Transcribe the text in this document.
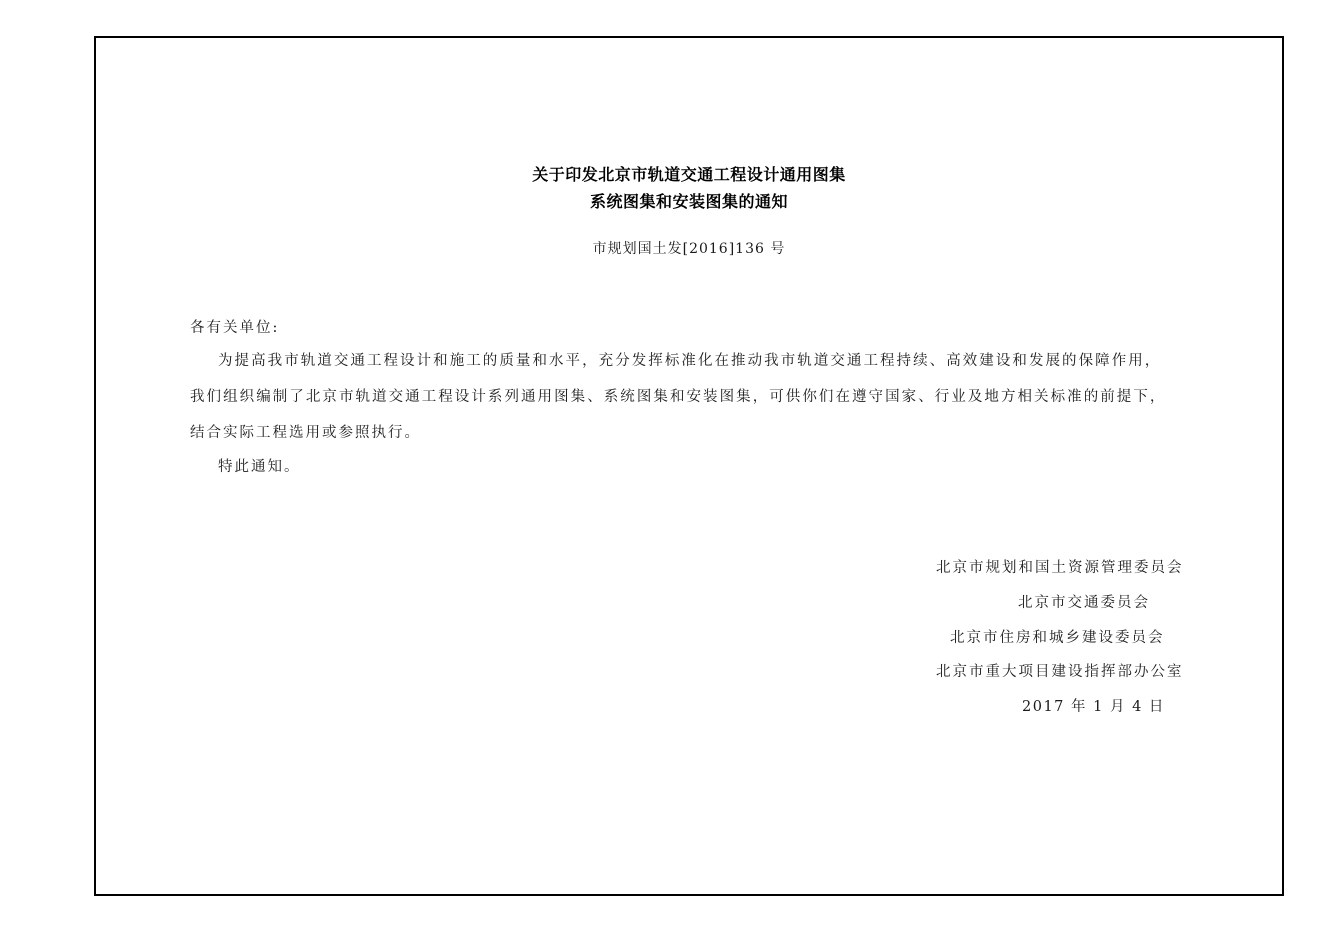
关于印发北京市轨道交通工程设计通用图集
系统图集和安装图集的通知
市规划国土发[2016]136 号
各有关单位:
为提高我市轨道交通工程设计和施工的质量和水平，充分发挥标准化在推动我市轨道交通工程持续、高效建设和发展的保障作用，
我们组织编制了北京市轨道交通工程设计系列通用图集、系统图集和安装图集，可供你们在遵守国家、行业及地方相关标准的前提下，
结合实际工程选用或参照执行。
特此通知。
北京市规划和国土资源管理委员会
北京市交通委员会
北京市住房和城乡建设委员会
北京市重大项目建设指挥部办公室
2017 年 1 月 4 日
